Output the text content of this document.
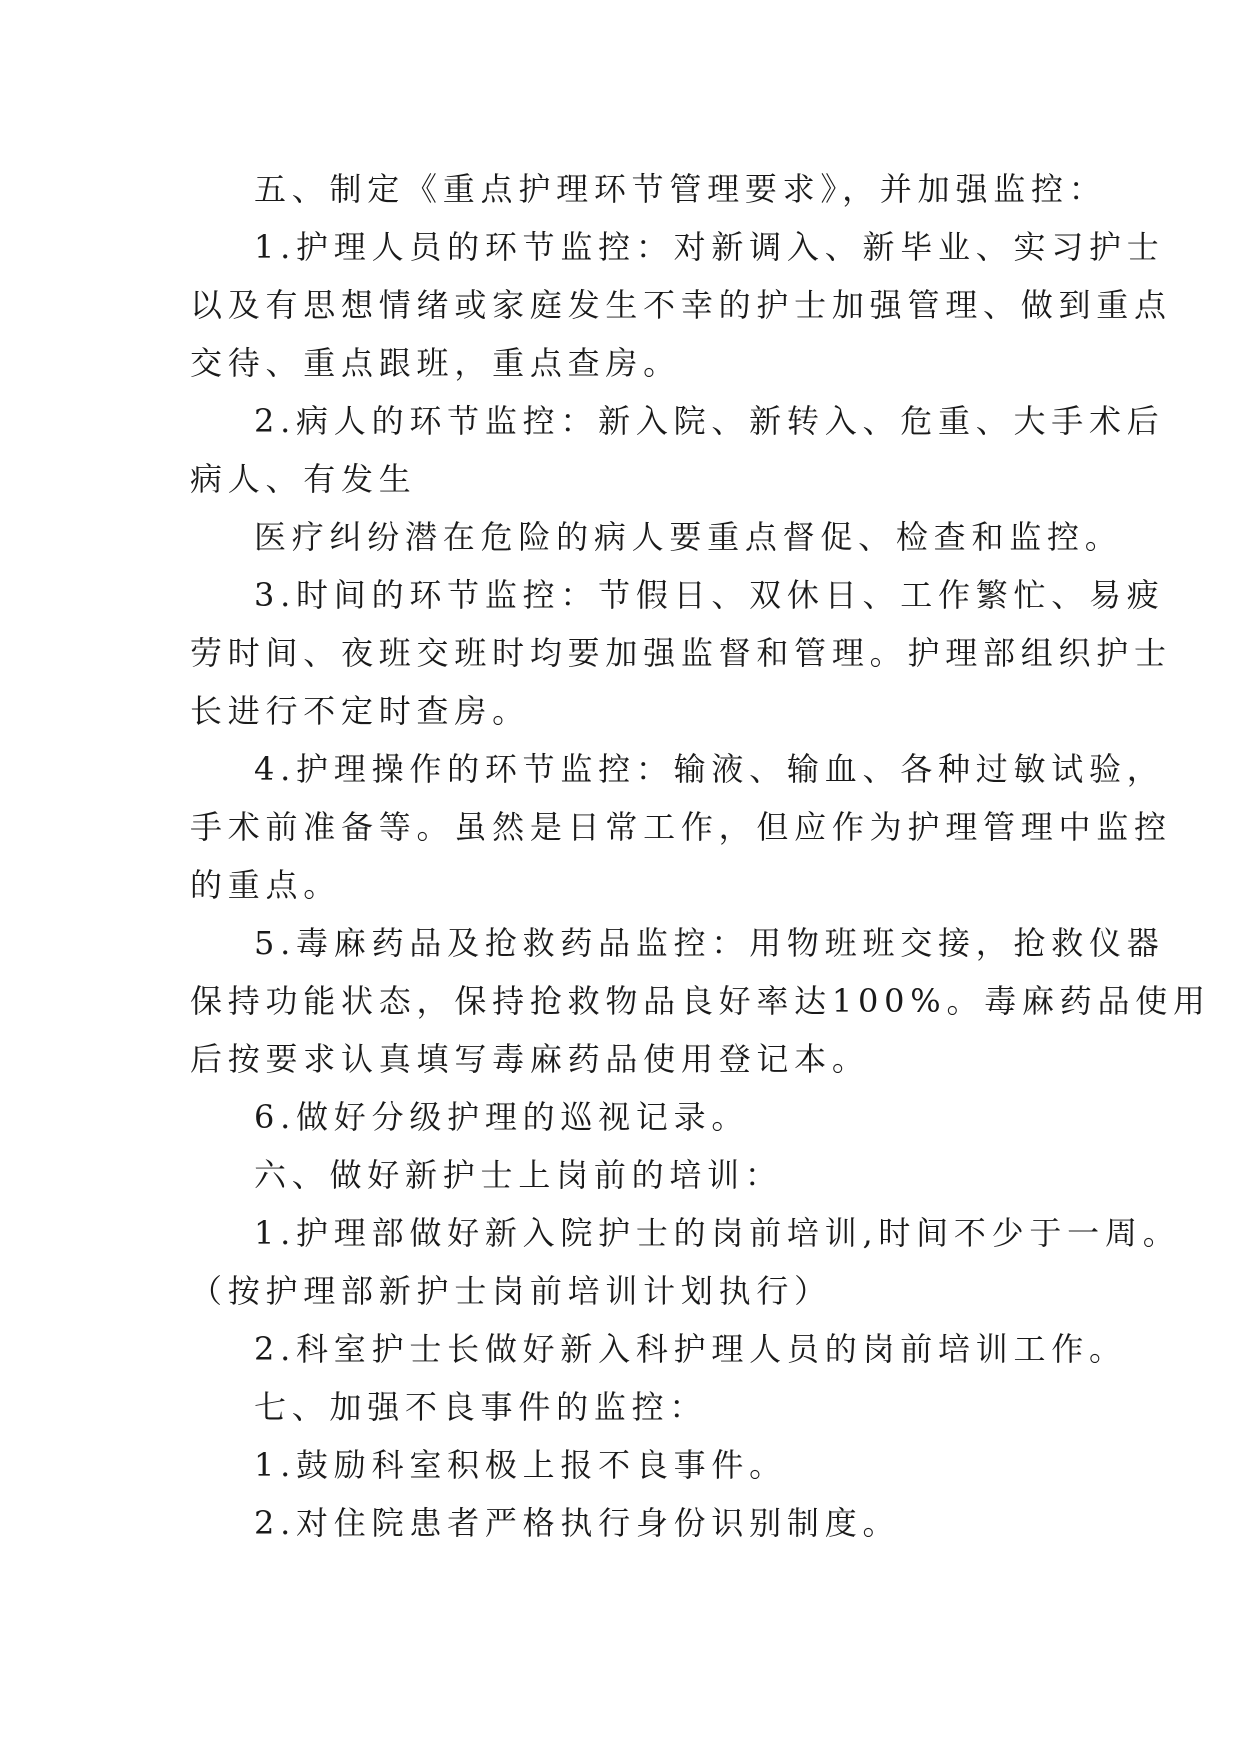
五、制定《重点护理环节管理要求》，并加强监控：

1.护理人员的环节监控：对新调入、新毕业、实习护士

以及有思想情绪或家庭发生不幸的护士加强管理、做到重点

交待、重点跟班，重点查房。

2.病人的环节监控：新入院、新转入、危重、大手术后

病人、有发生

医疗纠纷潜在危险的病人要重点督促、检查和监控。

3.时间的环节监控：节假日、双休日、工作繁忙、易疲

劳时间、夜班交班时均要加强监督和管理。护理部组织护士

长进行不定时查房。

4.护理操作的环节监控：输液、输血、各种过敏试验，

手术前准备等。虽然是日常工作，但应作为护理管理中监控

的重点。

5.毒麻药品及抢救药品监控：用物班班交接，抢救仪器

保持功能状态，保持抢救物品良好率达100%。毒麻药品使用

后按要求认真填写毒麻药品使用登记本。

6.做好分级护理的巡视记录。

六、做好新护士上岗前的培训：

1.护理部做好新入院护士的岗前培训,时间不少于一周。

（按护理部新护士岗前培训计划执行）

2.科室护士长做好新入科护理人员的岗前培训工作。

七、加强不良事件的监控：

1.鼓励科室积极上报不良事件。

2.对住院患者严格执行身份识别制度。
